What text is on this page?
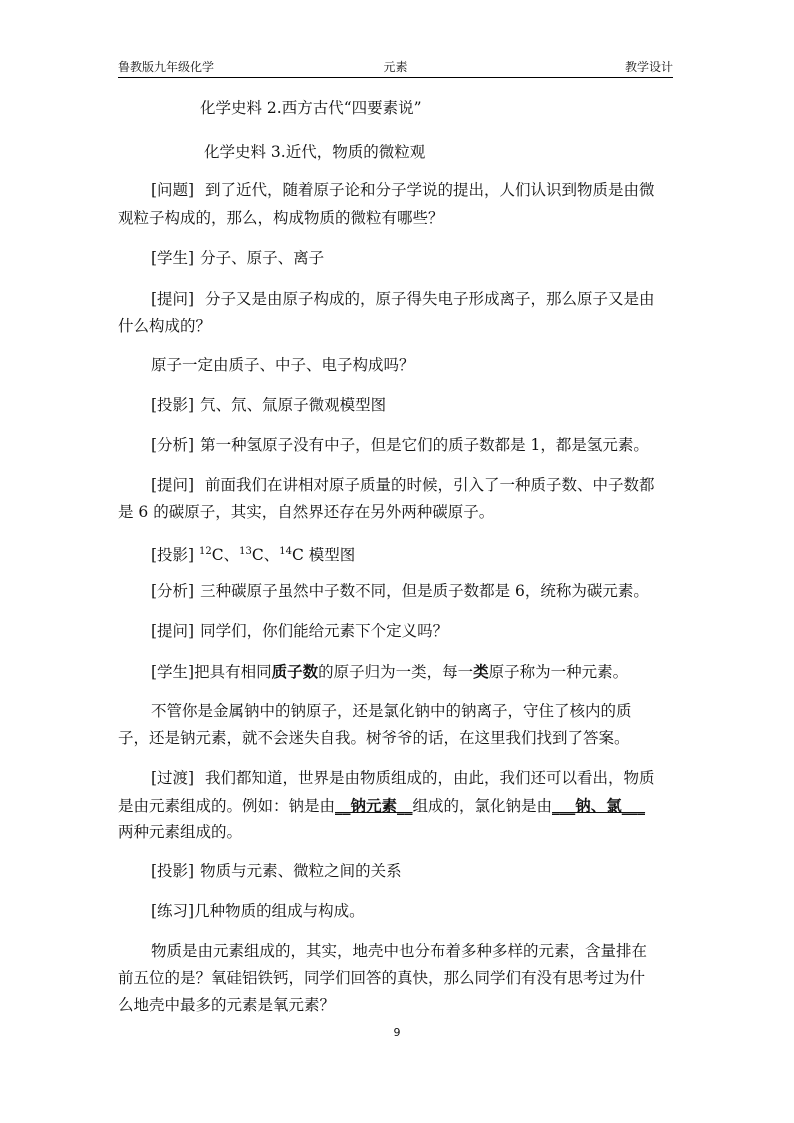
鲁教版九年级化学	元素	教学设计
化学史料 2.西方古代“四要素说”
化学史料 3.近代，物质的微粒观
[问题] 到了近代，随着原子论和分子学说的提出，人们认识到物质是由微
观粒子构成的，那么，构成物质的微粒有哪些？
[学生] 分子、原子、离子
[提问] 分子又是由原子构成的，原子得失电子形成离子，那么原子又是由
什么构成的？
原子一定由质子、中子、电子构成吗？
[投影] 氕、氘、氚原子微观模型图
[分析] 第一种氢原子没有中子，但是它们的质子数都是 1，都是氢元素。
[提问] 前面我们在讲相对原子质量的时候，引入了一种质子数、中子数都
是 6 的碳原子，其实，自然界还存在另外两种碳原子。
[投影] $^{12}$C、$^{13}$C、$^{14}$C 模型图
[分析] 三种碳原子虽然中子数不同，但是质子数都是 6，统称为碳元素。
[提问] 同学们，你们能给元素下个定义吗？
[学生]把具有相同质子数的原子归为一类，每一类原子称为一种元素。
不管你是金属钠中的钠原子，还是氯化钠中的钠离子，守住了核内的质
子，还是钠元素，就不会迷失自我。树爷爷的话，在这里我们找到了答案。
[过渡] 我们都知道，世界是由物质组成的，由此，我们还可以看出，物质
是由元素组成的。例如：钠是由__钠元素__组成的，氯化钠是由___钠、氯___
两种元素组成的。
[投影] 物质与元素、微粒之间的关系
[练习]几种物质的组成与构成。
物质是由元素组成的，其实，地壳中也分布着多种多样的元素，含量排在
前五位的是？氧硅铝铁钙，同学们回答的真快，那么同学们有没有思考过为什
么地壳中最多的元素是氧元素？
9
